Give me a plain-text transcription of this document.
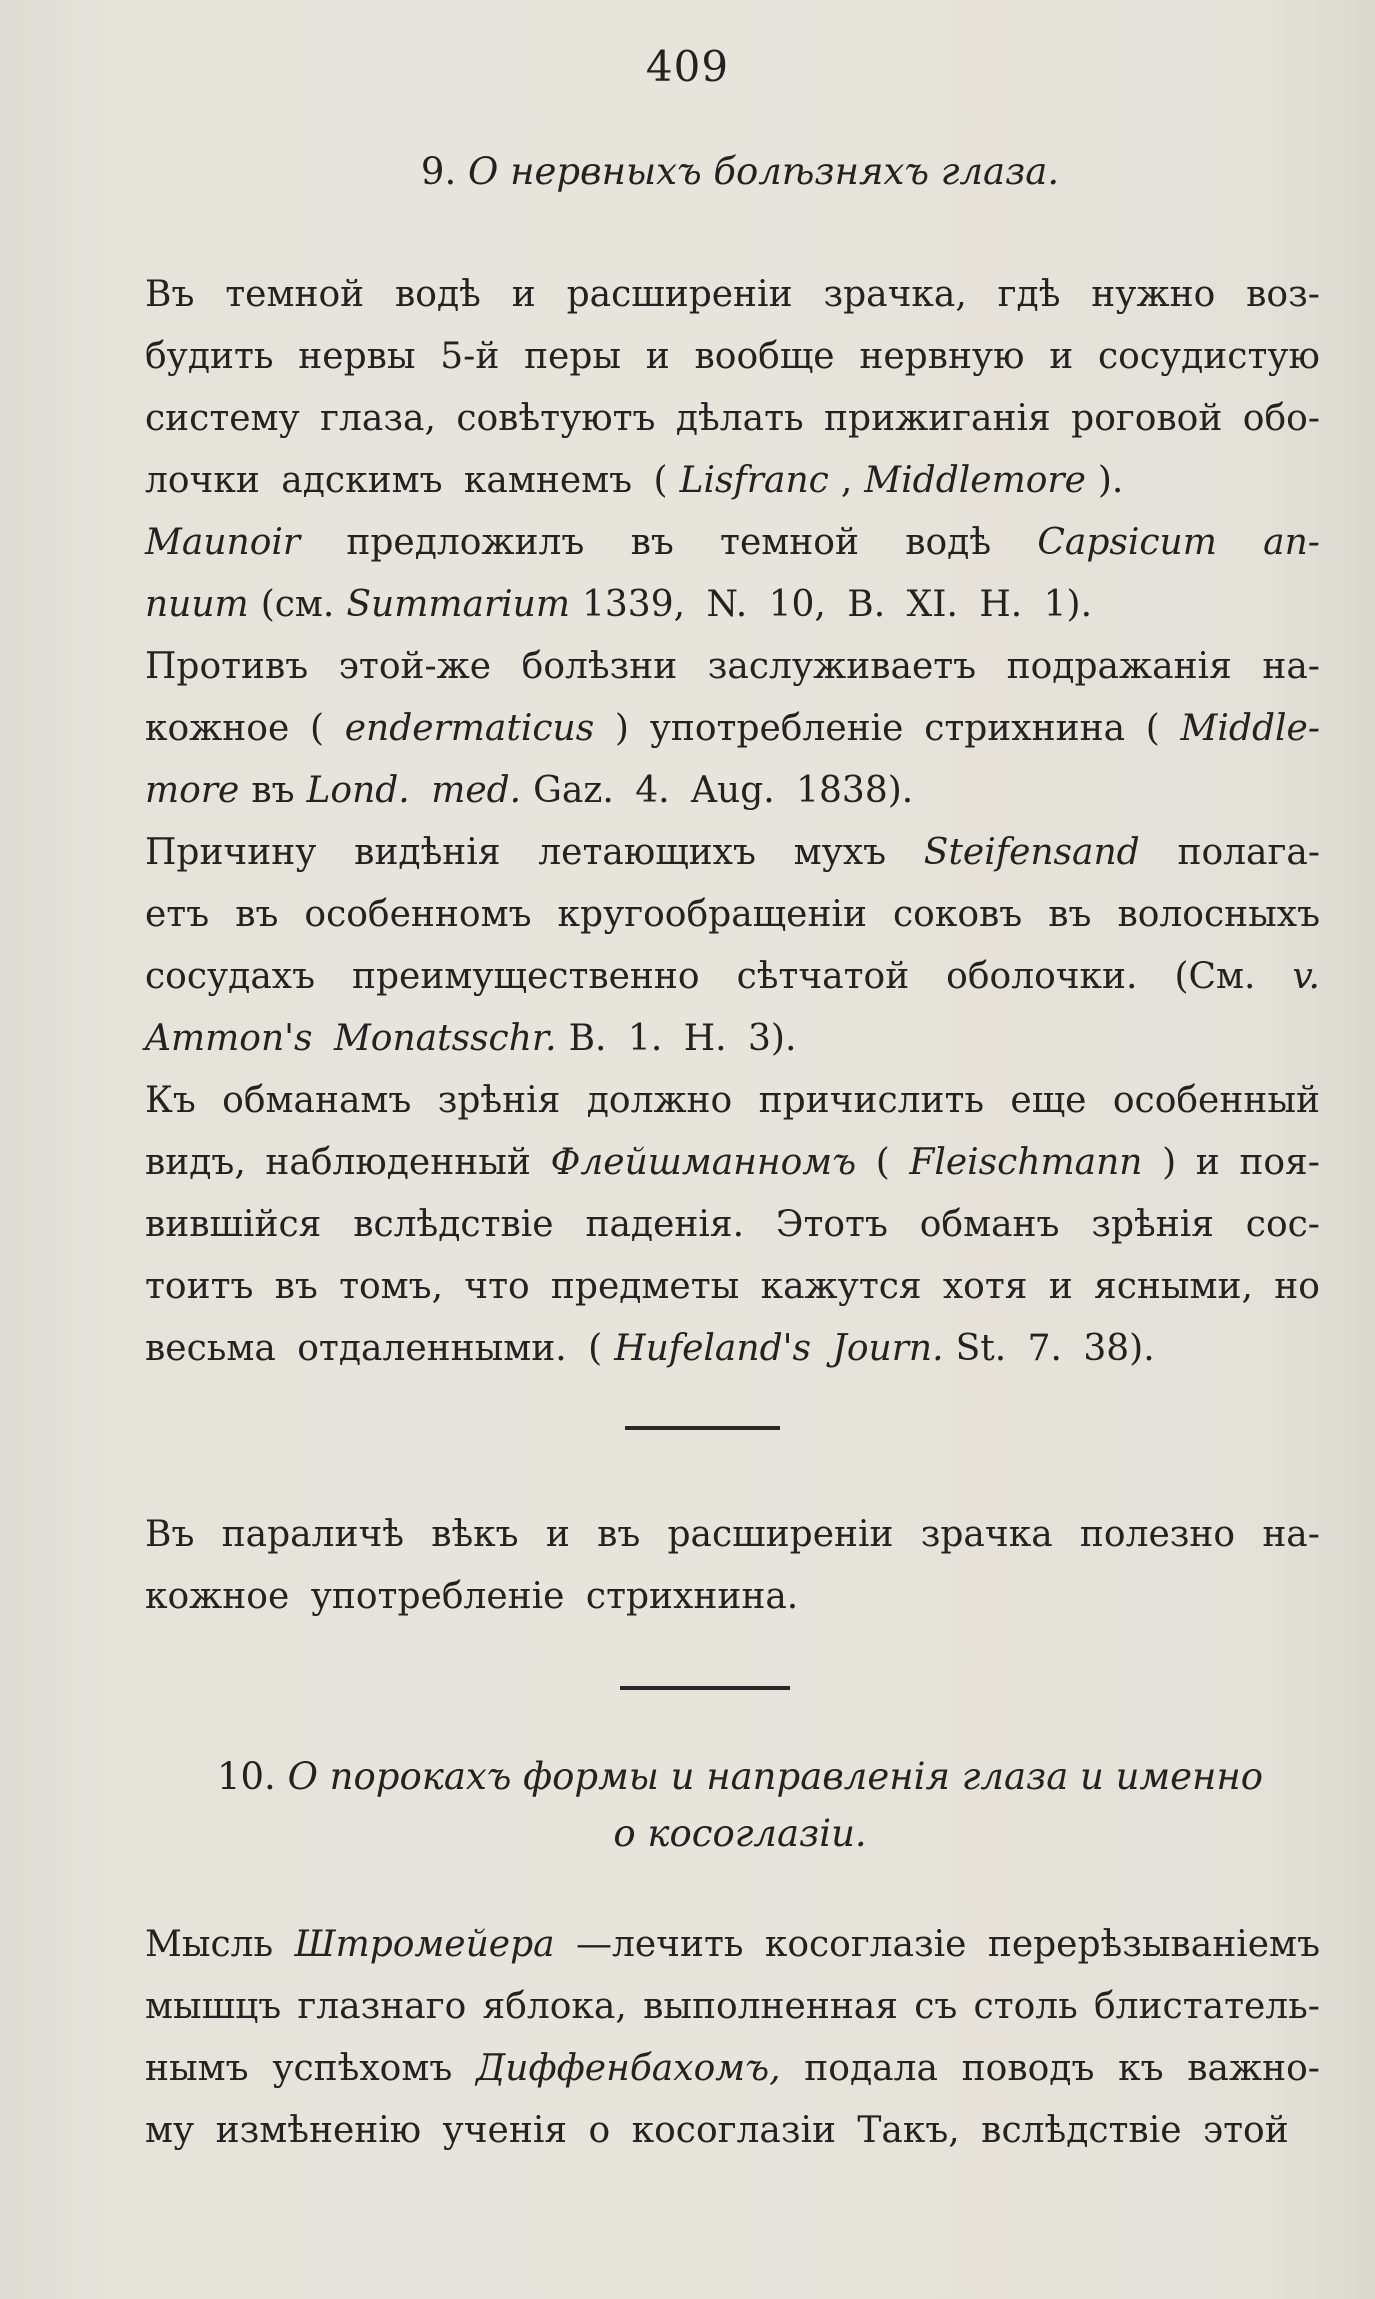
409
9. О нервныхъ болѣзняхъ глаза.
Въ темной водѣ и расширеніи зрачка, гдѣ нужно воз-
будить нервы 5-й пеpы и вообще нервную и сосудистую
систему глаза, совѣтуютъ дѣлать прижиганія роговой обо-
лочки адскимъ камнемъ ( Lisfranc , Middlemore ).
Maunoir предложилъ въ темной водѣ Capsicum an-
nuum (см. Summarium 1339, N. 10, B. XI. H. 1).
Противъ этой-же болѣзни заслуживаетъ подражанія на-
кожное ( endermaticus ) употребленіе стрихнина ( Middle-
more въ Lond. med. Gaz. 4. Aug. 1838).
Причину видѣнія летающихъ мухъ Steifensand полага-
етъ въ особенномъ кругообращеніи соковъ въ волосныхъ
сосудахъ преимущественно сѣтчатой оболочки. (См. v.
Ammon's Monatsschr. B. 1. H. 3).
Къ обманамъ зрѣнія должно причислить еще особенный
видъ, наблюденный Флейшманномъ ( Fleischmann ) и поя-
вившійся вслѣдствіе паденія. Этотъ обманъ зрѣнія сос-
тоитъ въ томъ, что предметы кажутся хотя и ясными, но
весьма отдаленными. ( Hufeland's Journ. St. 7. 38).
Въ параличѣ вѣкъ и въ расширеніи зрачка полезно на-
кожное употребленіе стрихнина.
10. О порокахъ формы и направленія глаза и именно
о косоглазіи.
Мысль Штромейера —лечить косоглазіе перерѣзываніемъ
мышцъ глазнаго яблока, выполненная съ столь блистатель-
нымъ успѣхомъ Диффенбахомъ, подала поводъ къ важно-
му измѣненію ученія о косоглазіи Такъ, вслѣдствіе этой
